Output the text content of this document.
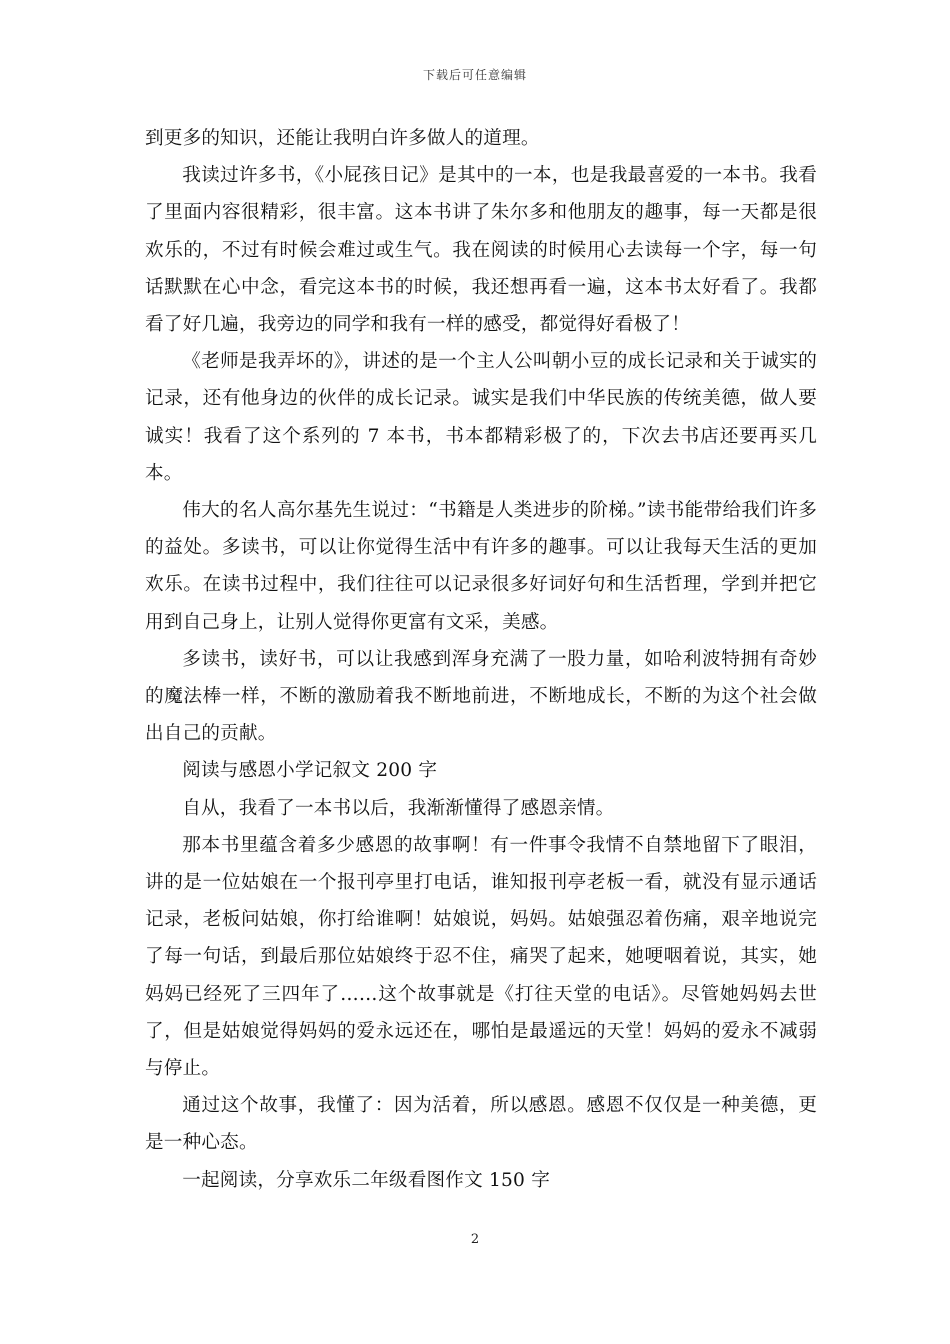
下载后可任意编辑

到更多的知识，还能让我明白许多做人的道理。

我读过许多书，《小屁孩日记》是其中的一本，也是我最喜爱的一本书。我看了里面内容很精彩，很丰富。这本书讲了朱尔多和他朋友的趣事，每一天都是很欢乐的，不过有时候会难过或生气。我在阅读的时候用心去读每一个字，每一句话默默在心中念，看完这本书的时候，我还想再看一遍，这本书太好看了。我都看了好几遍，我旁边的同学和我有一样的感受，都觉得好看极了！

《老师是我弄坏的》，讲述的是一个主人公叫朝小豆的成长记录和关于诚实的记录，还有他身边的伙伴的成长记录。诚实是我们中华民族的传统美德，做人要诚实！我看了这个系列的 7 本书，书本都精彩极了的，下次去书店还要再买几本。

伟大的名人高尔基先生说过：“书籍是人类进步的阶梯。”读书能带给我们许多的益处。多读书，可以让你觉得生活中有许多的趣事。可以让我每天生活的更加欢乐。在读书过程中，我们往往可以记录很多好词好句和生活哲理，学到并把它用到自己身上，让别人觉得你更富有文采，美感。

多读书，读好书，可以让我感到浑身充满了一股力量，如哈利波特拥有奇妙的魔法棒一样，不断的激励着我不断地前进，不断地成长，不断的为这个社会做出自己的贡献。

阅读与感恩小学记叙文 200 字

自从，我看了一本书以后，我渐渐懂得了感恩亲情。

那本书里蕴含着多少感恩的故事啊！有一件事令我情不自禁地留下了眼泪，讲的是一位姑娘在一个报刊亭里打电话，谁知报刊亭老板一看，就没有显示通话记录，老板问姑娘，你打给谁啊！姑娘说，妈妈。姑娘强忍着伤痛，艰辛地说完了每一句话，到最后那位姑娘终于忍不住，痛哭了起来，她哽咽着说，其实，她妈妈已经死了三四年了……这个故事就是《打往天堂的电话》。尽管她妈妈去世了，但是姑娘觉得妈妈的爱永远还在，哪怕是最遥远的天堂！妈妈的爱永不减弱与停止。

通过这个故事，我懂了：因为活着，所以感恩。感恩不仅仅是一种美德，更是一种心态。

一起阅读，分享欢乐二年级看图作文 150 字

2
